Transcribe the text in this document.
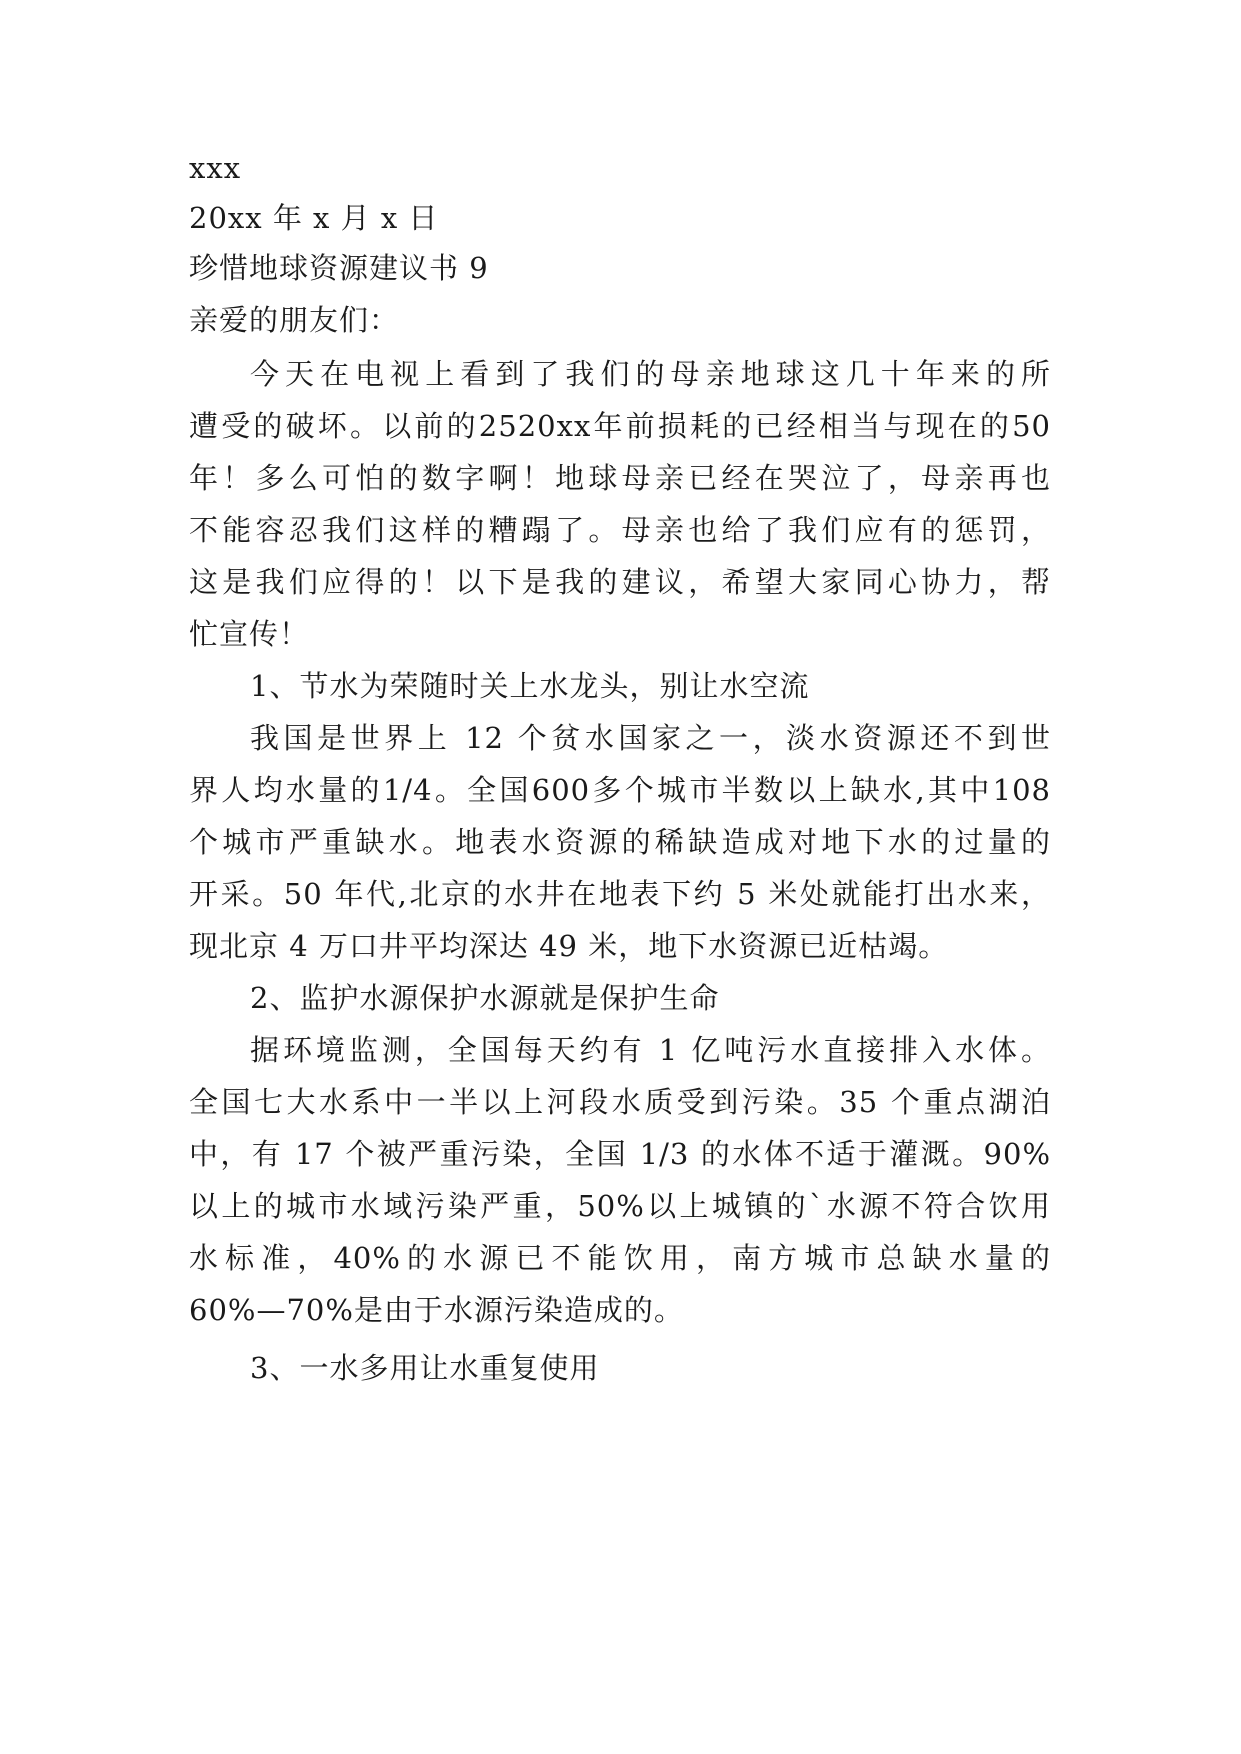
xxx
20xx 年 x 月 x 日
珍惜地球资源建议书 9
亲爱的朋友们：
今天在电视上看到了我们的母亲地球这几十年来的所
遭受的破坏。以前的2520xx年前损耗的已经相当与现在的50
年！多么可怕的数字啊！地球母亲已经在哭泣了，母亲再也
不能容忍我们这样的糟蹋了。母亲也给了我们应有的惩罚，
这是我们应得的！以下是我的建议，希望大家同心协力，帮
忙宣传！
1、节水为荣随时关上水龙头，别让水空流
我国是世界上 12 个贫水国家之一，淡水资源还不到世
界人均水量的1/4。全国600多个城市半数以上缺水,其中108
个城市严重缺水。地表水资源的稀缺造成对地下水的过量的
开采。50 年代,北京的水井在地表下约 5 米处就能打出水来，
现北京 4 万口井平均深达 49 米，地下水资源已近枯竭。
2、监护水源保护水源就是保护生命
据环境监测，全国每天约有 1 亿吨污水直接排入水体。
全国七大水系中一半以上河段水质受到污染。35 个重点湖泊
中，有 17 个被严重污染，全国 1/3 的水体不适于灌溉。90%
以上的城市水域污染严重，50%以上城镇的`水源不符合饮用
水标准，40%的水源已不能饮用，南方城市总缺水量的
60%—70%是由于水源污染造成的。
3、一水多用让水重复使用
